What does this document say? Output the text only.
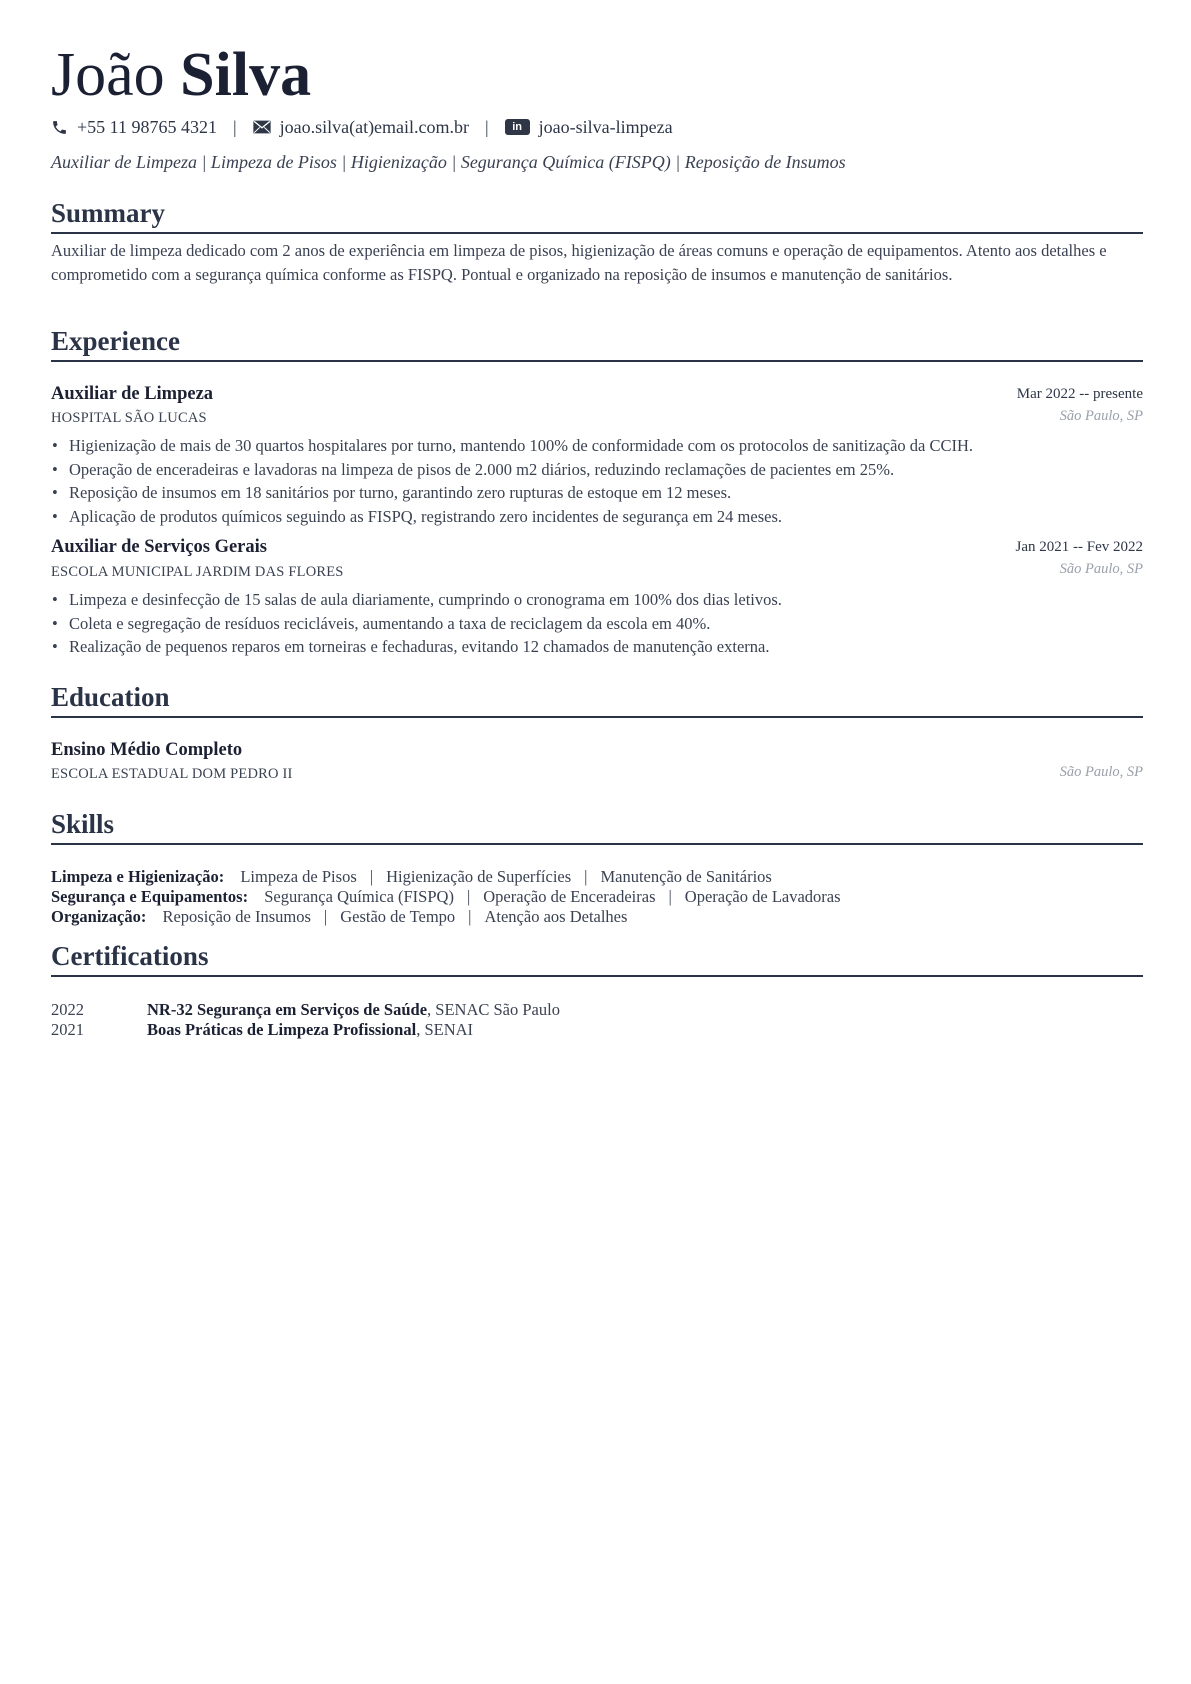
João Silva
+55 11 98765 4321 | joao.silva(at)email.com.br |	in joao-silva-limpeza
Auxiliar de Limpeza | Limpeza de Pisos | Higienização | Segurança Química (FISPQ) | Reposição de Insumos
Summary
Auxiliar de limpeza dedicado com 2 anos de experiência em limpeza de pisos, higienização de áreas comuns e operação de equipamentos. Atento aos detalhes e comprometido com a segurança química conforme as FISPQ. Pontual e organizado na reposição de insumos e manutenção de sanitários.
Experience
Auxiliar de Limpeza	Mar 2022 -- presente
HOSPITAL SÃO LUCAS	São Paulo, SP
• Higienização de mais de 30 quartos hospitalares por turno, mantendo 100% de conformidade com os protocolos de sanitização da CCIH.
• Operação de enceradeiras e lavadoras na limpeza de pisos de 2.000 m2 diários, reduzindo reclamações de pacientes em 25%.
• Reposição de insumos em 18 sanitários por turno, garantindo zero rupturas de estoque em 12 meses.
• Aplicação de produtos químicos seguindo as FISPQ, registrando zero incidentes de segurança em 24 meses.
Auxiliar de Serviços Gerais	Jan 2021 -- Fev 2022
ESCOLA MUNICIPAL JARDIM DAS FLORES	São Paulo, SP
• Limpeza e desinfecção de 15 salas de aula diariamente, cumprindo o cronograma em 100% dos dias letivos.
• Coleta e segregação de resíduos recicláveis, aumentando a taxa de reciclagem da escola em 40%.
• Realização de pequenos reparos em torneiras e fechaduras, evitando 12 chamados de manutenção externa.
Education
Ensino Médio Completo
ESCOLA ESTADUAL DOM PEDRO II	São Paulo, SP
Skills
Limpeza e Higienização: Limpeza de Pisos | Higienização de Superfícies | Manutenção de Sanitários
Segurança e Equipamentos: Segurança Química (FISPQ) | Operação de Enceradeiras | Operação de Lavadoras
Organização: Reposição de Insumos | Gestão de Tempo | Atenção aos Detalhes
Certifications
2022	NR-32 Segurança em Serviços de Saúde, SENAC São Paulo
2021	Boas Práticas de Limpeza Profissional, SENAI
